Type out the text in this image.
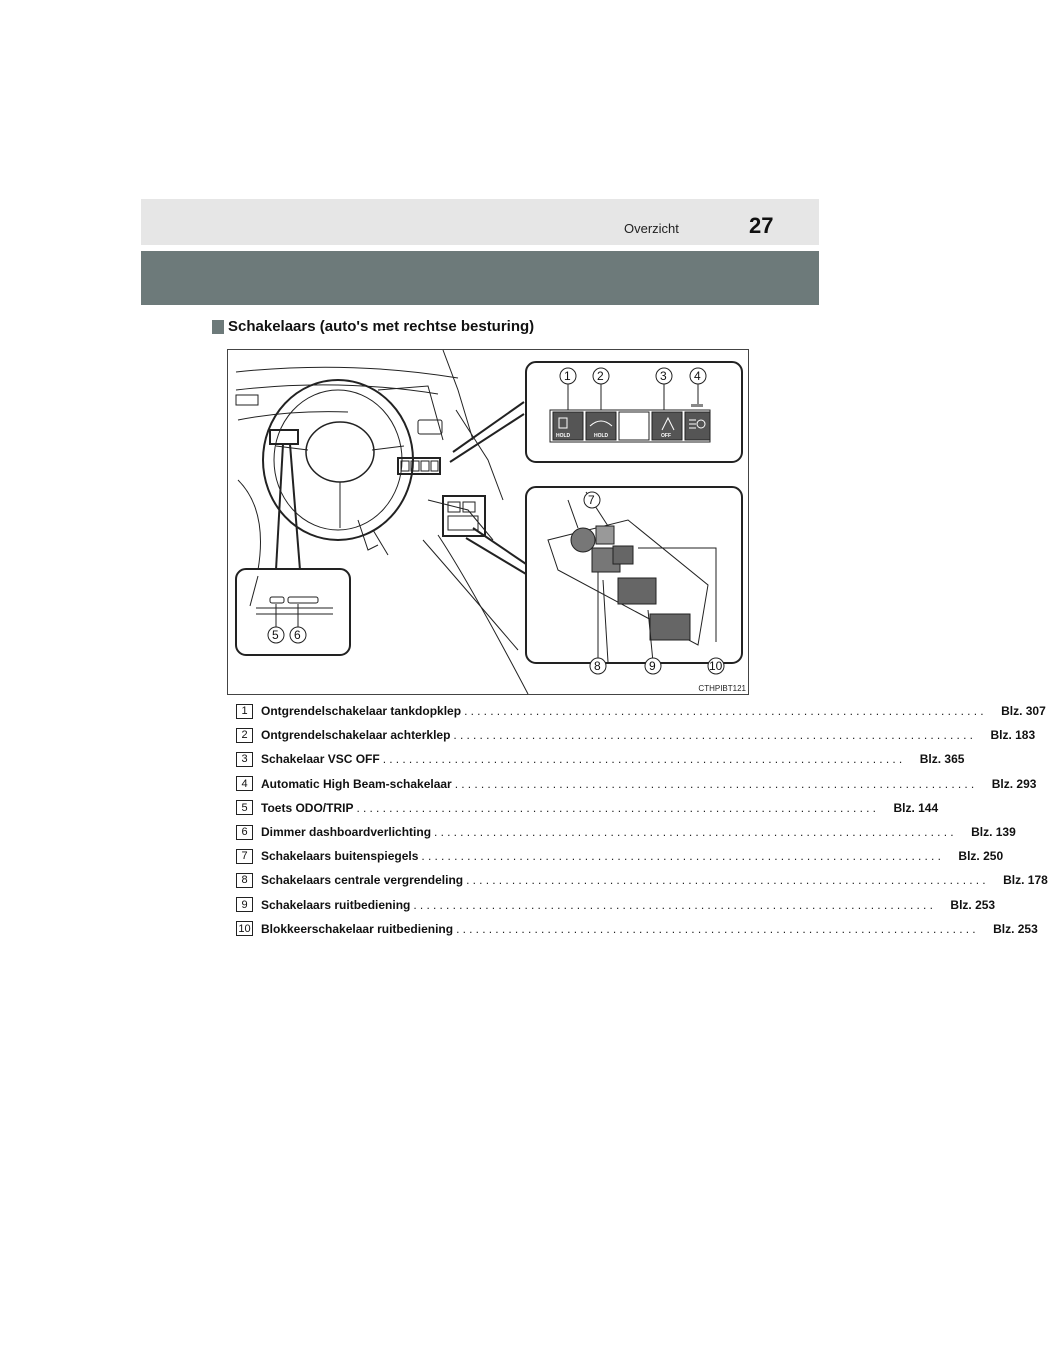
Overzicht	27
Schakelaars (auto's met rechtse besturing)
HOLD	HOLD	OFF
1 2	3 4
5 6
7
8	9	10
CTHPIBT121
1	Ontgrendelschakelaar tankdopklep ................................................................................	Blz. 307
2	Ontgrendelschakelaar achterklep ................................................................................	Blz. 183
3	Schakelaar VSC OFF ................................................................................	Blz. 365
4	Automatic High Beam-schakelaar ................................................................................	Blz. 293
5	Toets ODO/TRIP ................................................................................	Blz. 144
6	Dimmer dashboardverlichting ................................................................................	Blz. 139
7	Schakelaars buitenspiegels ................................................................................	Blz. 250
8	Schakelaars centrale vergrendeling ................................................................................	Blz. 178
9	Schakelaars ruitbediening ................................................................................	Blz. 253
10 Blokkeerschakelaar ruitbediening ................................................................................	Blz. 253
